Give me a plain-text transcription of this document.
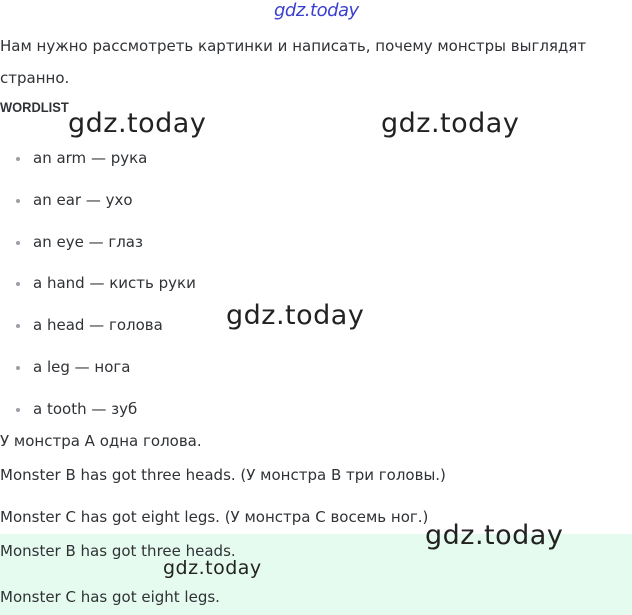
gdz.today
Нам нужно рассмотреть картинки и написать, почему монстры выглядят странно.
WORDLIST
an arm — рука
an ear — ухо
an eye — глаз
a hand — кисть руки
a head — голова
a leg — нога
a tooth — зуб
У монстра A одна голова.
Monster B has got three heads. (У монстра B три головы.)
Monster C has got eight legs. (У монстра C восемь ног.)
Monster B has got three heads.
Monster C has got eight legs.
gdz.today	gdz.today
gdz.today
gdz.today
gdz.today
